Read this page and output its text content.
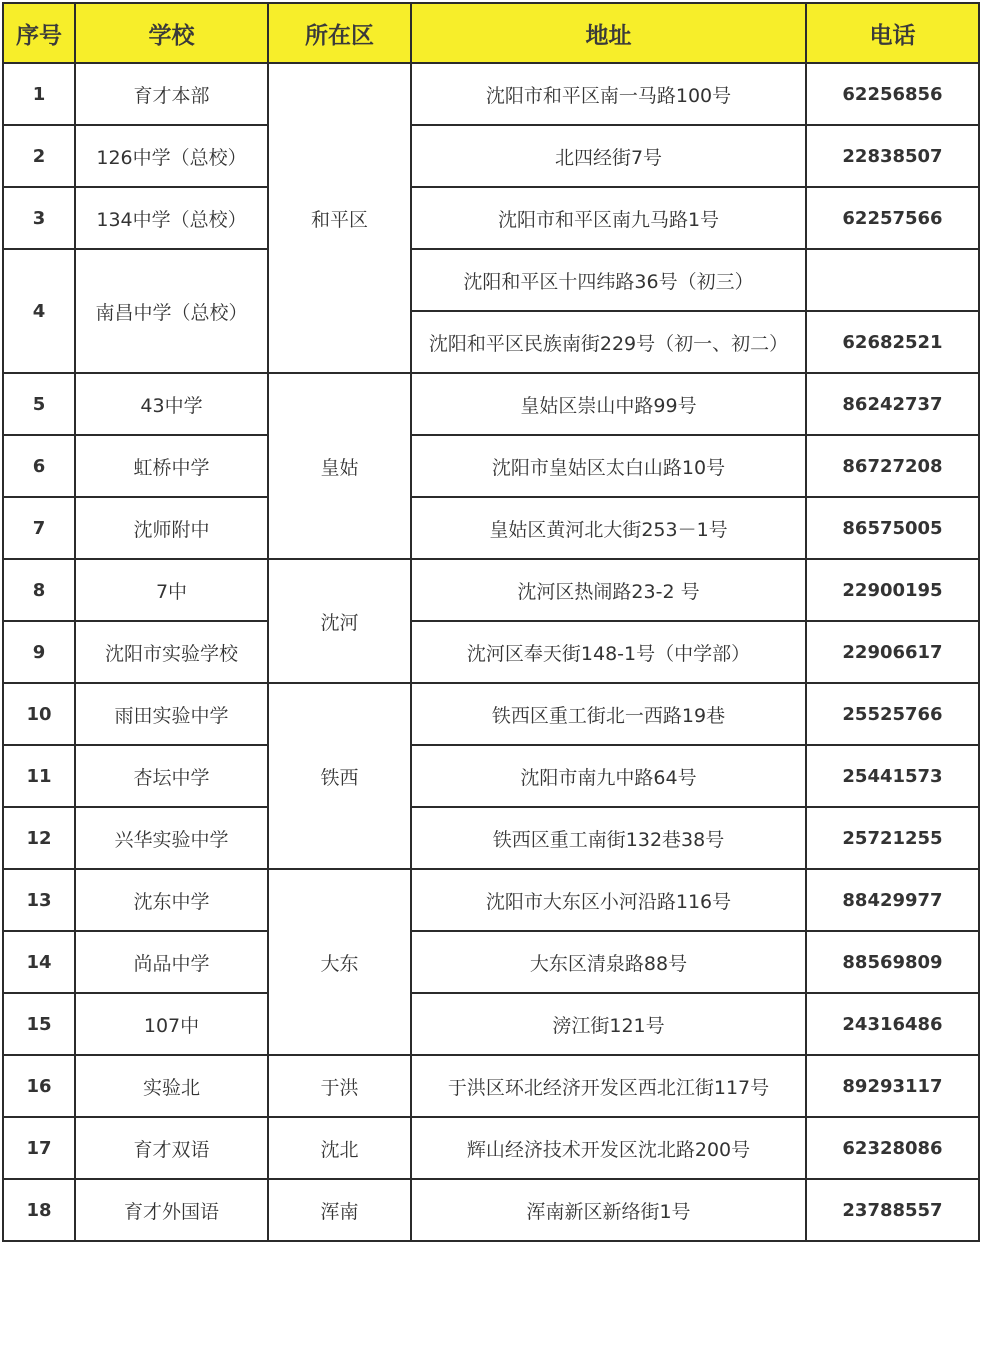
序号	学校	所在区	地址	电话
1	育才本部	和平区	沈阳市和平区南一马路100号	62256856
2	126中学（总校）		北四经街7号	22838507
3	134中学（总校）		沈阳市和平区南九马路1号	62257566
4	南昌中学（总校）		沈阳和平区十四纬路36号（初三）	
			沈阳和平区民族南街229号（初一、初二）	62682521
5	43中学	皇姑	皇姑区崇山中路99号	86242737
6	虹桥中学		沈阳市皇姑区太白山路10号	86727208
7	沈师附中		皇姑区黄河北大街253－1号	86575005
8	7中	沈河	沈河区热闹路23-2 号	22900195
9	沈阳市实验学校		沈河区奉天街148-1号（中学部）	22906617
10	雨田实验中学	铁西	铁西区重工街北一西路19巷	25525766
11	杏坛中学		沈阳市南九中路64号	25441573
12	兴华实验中学		铁西区重工南街132巷38号	25721255
13	沈东中学	大东	沈阳市大东区小河沿路116号	88429977
14	尚品中学		大东区清泉路88号	88569809
15	107中		滂江街121号	24316486
16	实验北	于洪	于洪区环北经济开发区西北江街117号	89293117
17	育才双语	沈北	辉山经济技术开发区沈北路200号	62328086
18	育才外国语	浑南	浑南新区新络街1号	23788557
